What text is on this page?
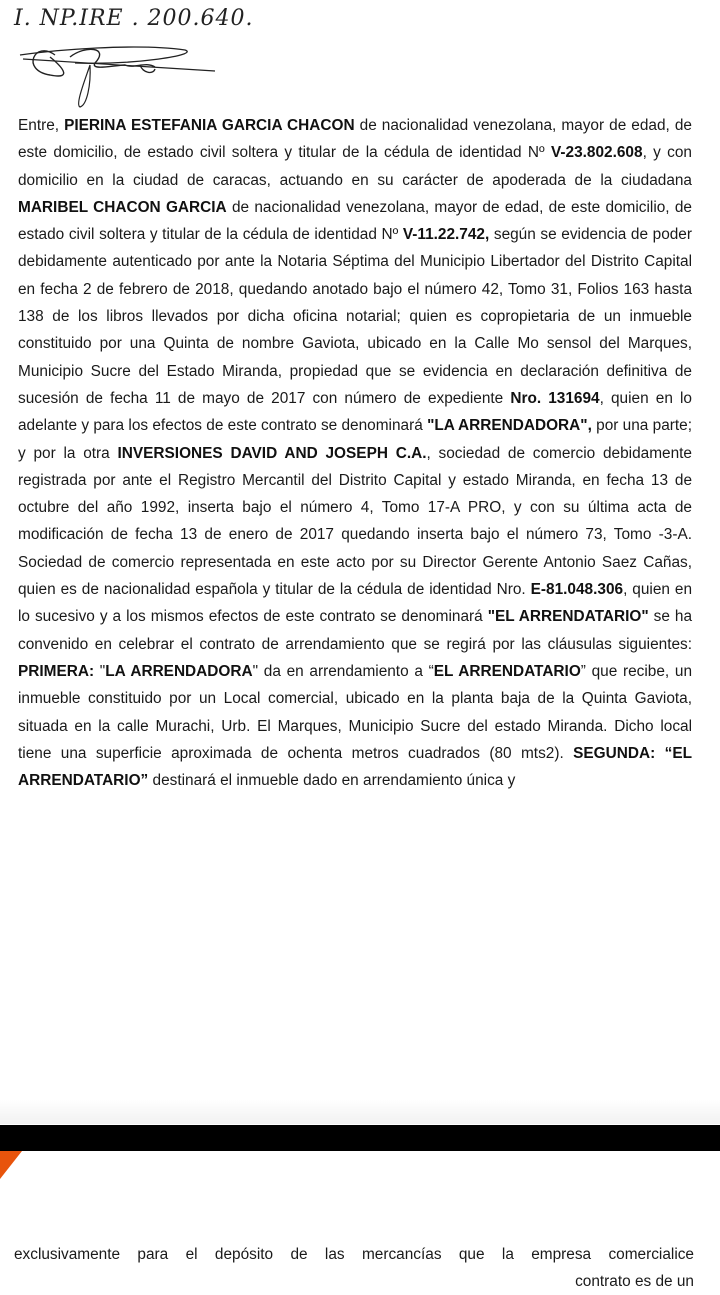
I. NP.IRE . 200.640.

Entre, PIERINA ESTEFANIA GARCIA CHACON de nacionalidad venezolana, mayor de edad, de este domicilio, de estado civil soltera y titular de la cédula de identidad Nº V-23.802.608, y con domicilio en la ciudad de caracas, actuando en su carácter de apoderada de la ciudadana MARIBEL CHACON GARCIA de nacionalidad venezolana, mayor de edad, de este domicilio, de estado civil soltera y titular de la cédula de identidad Nº V-11.22.742, según se evidencia de poder debidamente autenticado por ante la Notaria Séptima del Municipio Libertador del Distrito Capital en fecha 2 de febrero de 2018, quedando anotado bajo el número 42, Tomo 31, Folios 163 hasta 138 de los libros llevados por dicha oficina notarial; quien es copropietaria de un inmueble constituido por una Quinta de nombre Gaviota, ubicado en la Calle Mo sensol del Marques, Municipio Sucre del Estado Miranda, propiedad que se evidencia en declaración definitiva de sucesión de fecha 11 de mayo de 2017 con número de expediente Nro. 131694, quien en lo adelante y para los efectos de este contrato se denominará "LA ARRENDADORA", por una parte; y por la otra INVERSIONES DAVID AND JOSEPH C.A., sociedad de comercio debidamente registrada por ante el Registro Mercantil del Distrito Capital y estado Miranda, en fecha 13 de octubre del año 1992, inserta bajo el número 4, Tomo 17-A PRO, y con su última acta de modificación de fecha 13 de enero de 2017 quedando inserta bajo el número 73, Tomo -3-A. Sociedad de comercio representada en este acto por su Director Gerente Antonio Saez Cañas, quien es de nacionalidad española y titular de la cédula de identidad Nro. E-81.048.306, quien en lo sucesivo y a los mismos efectos de este contrato se denominará "EL ARRENDATARIO" se ha convenido en celebrar el contrato de arrendamiento que se regirá por las cláusulas siguientes: PRIMERA: "LA ARRENDADORA" da en arrendamiento a “EL ARRENDATARIO” que recibe, un inmueble constituido por un Local comercial, ubicado en la planta baja de la Quinta Gaviota, situada en la calle Murachi, Urb. El Marques, Municipio Sucre del estado Miranda. Dicho local tiene una superficie aproximada de ochenta metros cuadrados (80 mts2). SEGUNDA: “EL ARRENDATARIO” destinará el inmueble dado en arrendamiento única y

exclusivamente para el depósito de las mercancías que la empresa comercialice
contrato es de un
